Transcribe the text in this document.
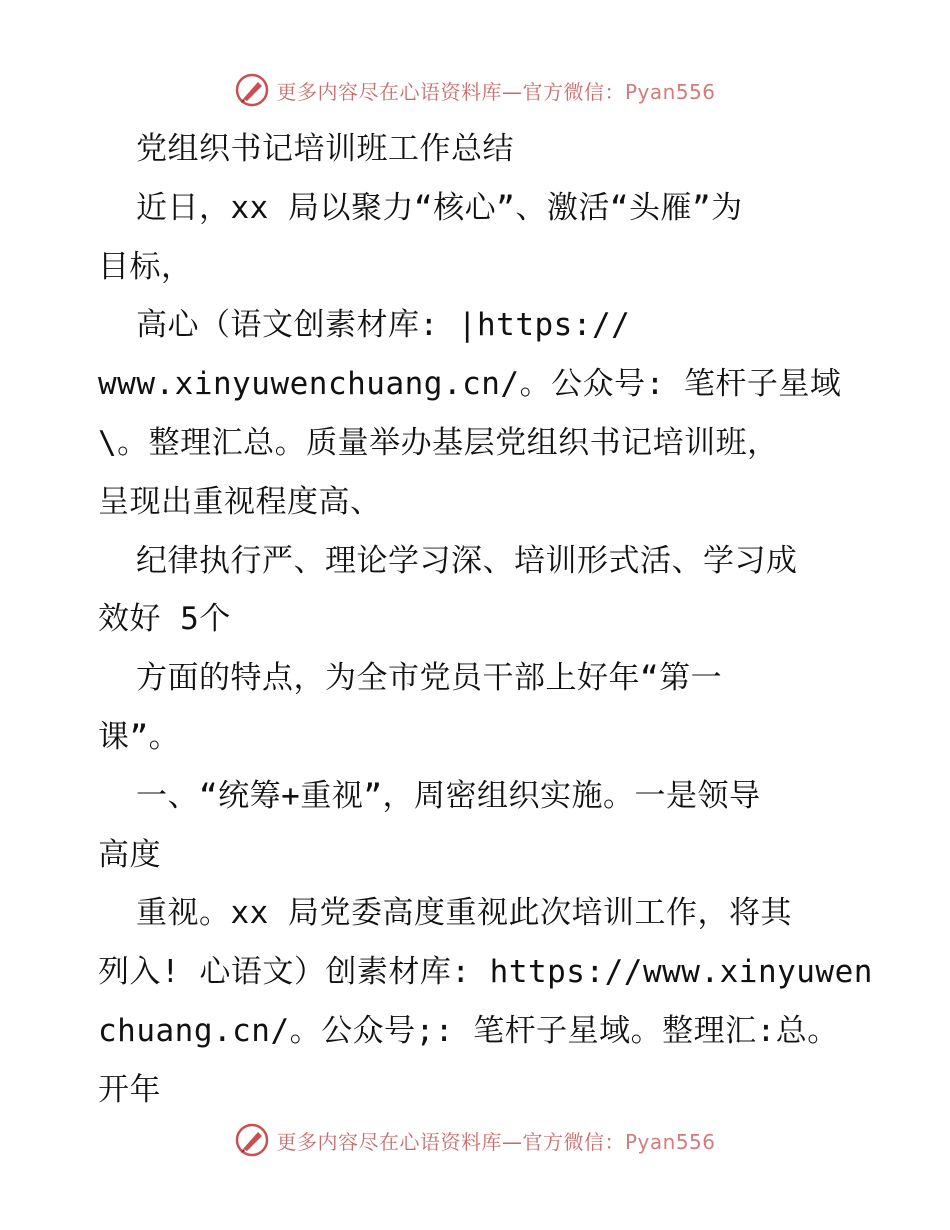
更多内容尽在心语资料库—官方微信：Pyan556
党组织书记培训班工作总结
近日，xx 局以聚力“核心”、激活“头雁”为
目标，
高心（语文创素材库: |https://
www.xinyuwenchuang.cn/。公众号: 笔杆子星域
\。整理汇总。质量举办基层党组织书记培训班，
呈现出重视程度高、
纪律执行严、理论学习深、培训形式活、学习成
效好 5个
方面的特点，为全市党员干部上好年“第一
课”。
一、“统筹+重视”，周密组织实施。一是领导
高度
重视。xx 局党委高度重视此次培训工作，将其
列入! 心语文）创素材库: https://www.xinyuwen
chuang.cn/。公众号;: 笔杆子星域。整理汇:总。
开年
更多内容尽在心语资料库—官方微信：Pyan556
